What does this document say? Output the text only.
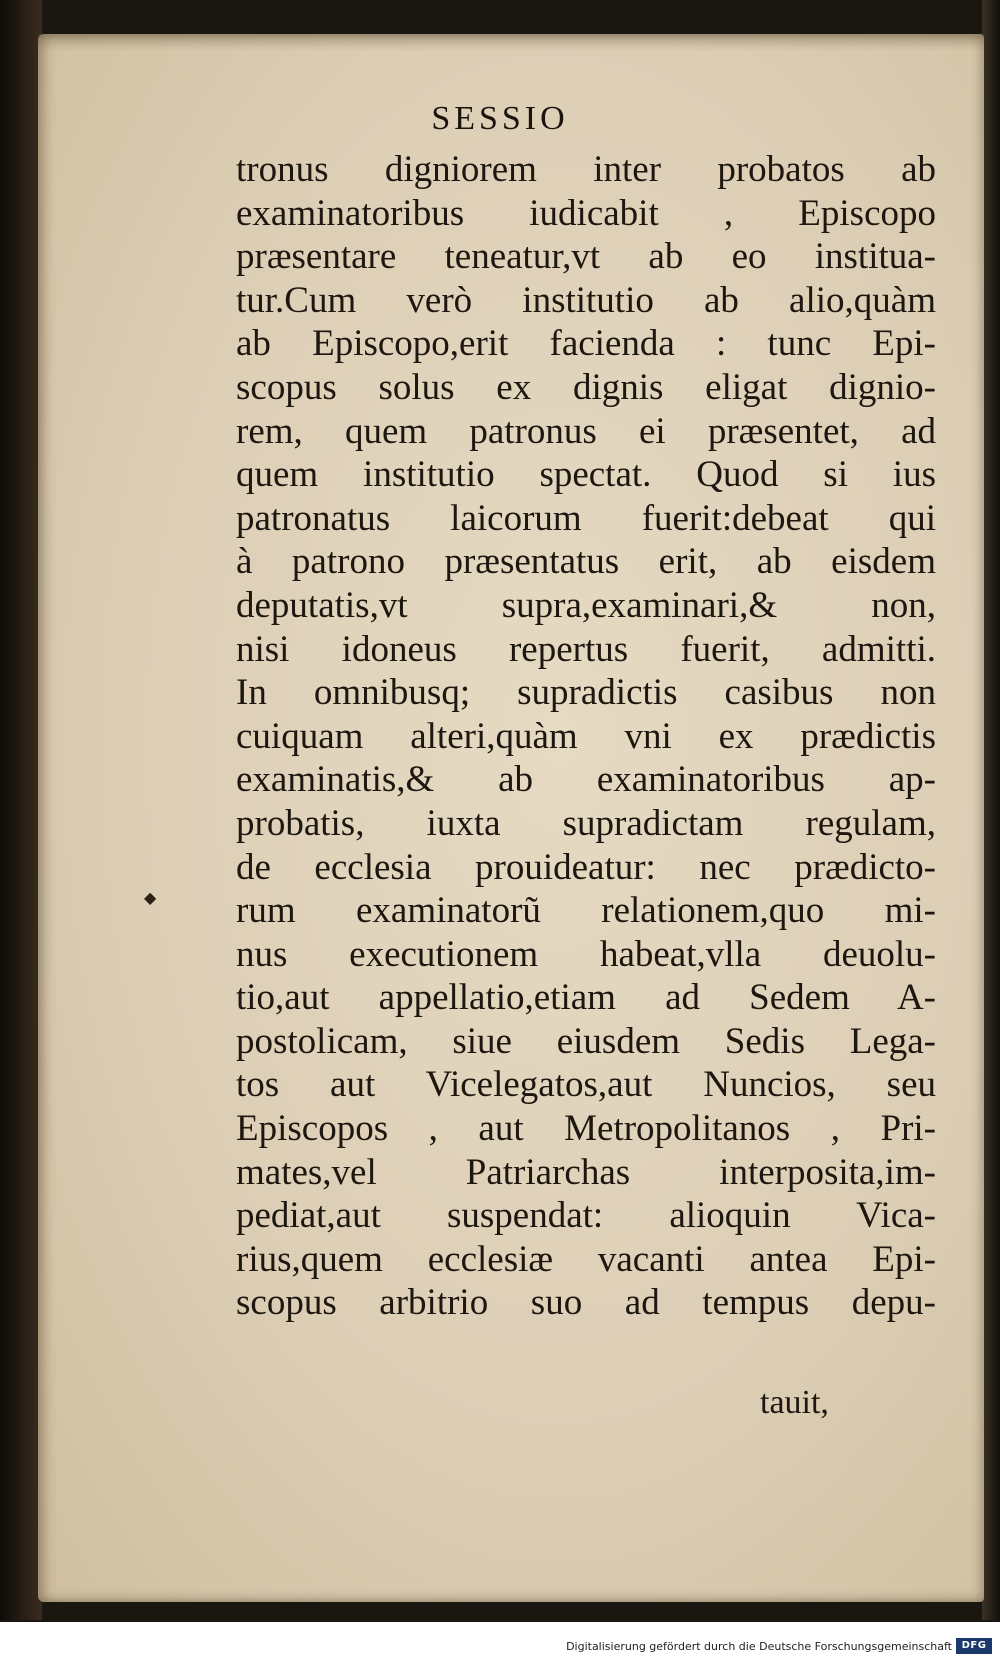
SESSIO
tronus digniorem inter probatos ab
examinatoribus iudicabit , Episcopo
præsentare teneatur,vt ab eo institua-
tur.Cum verò institutio ab alio,quàm
ab Episcopo,erit facienda : tunc Epi-
scopus solus ex dignis eligat dignio-
rem, quem patronus ei præsentet, ad
quem institutio spectat. Quod si ius
patronatus laicorum fuerit:debeat qui
à patrono præsentatus erit, ab eisdem
deputatis,vt supra,examinari,& non,
nisi idoneus repertus fuerit, admitti.
In omnibusq; supradictis casibus non
cuiquam alteri,quàm vni ex prædictis
examinatis,& ab examinatoribus ap-
probatis, iuxta supradictam regulam,
de ecclesia prouideatur: nec prædicto-
rum examinatorũ relationem,quo mi-
nus executionem habeat,vlla deuolu-
tio,aut appellatio,etiam ad Sedem A-
postolicam, siue eiusdem Sedis Lega-
tos aut Vicelegatos,aut Nuncios, seu
Episcopos , aut Metropolitanos , Pri-
mates,vel Patriarchas interposita,im-
pediat,aut suspendat: alioquin Vica-
rius,quem ecclesiæ vacanti antea Epi-
scopus arbitrio suo ad tempus depu-
◆
tauit,
Digitalisierung gefördert durch die Deutsche Forschungsgemeinschaft DFG
